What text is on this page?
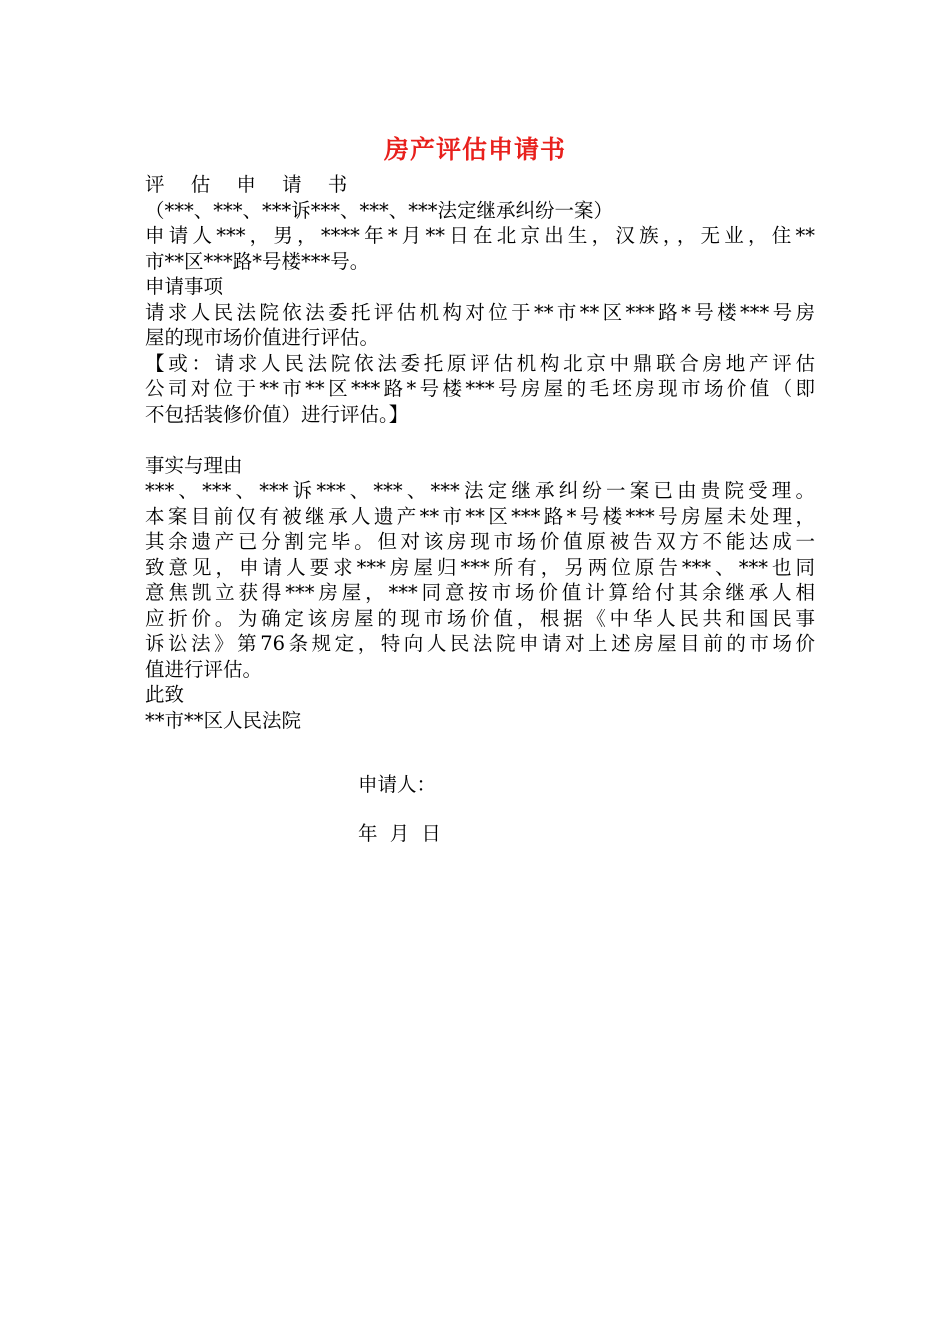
房产评估申请书
评 估 申 请 书
（***、***、***诉***、***、***法定继承纠纷一案）
申请人***，男，****年*月**日在北京出生，汉族，，无业，住**
市**区***路*号楼***号。
申请事项
请求人民法院依法委托评估机构对位于**市**区***路*号楼***号房
屋的现市场价值进行评估。
【或：请求人民法院依法委托原评估机构北京中鼎联合房地产评估
公司对位于**市**区***路*号楼***号房屋的毛坯房现市场价值（即
不包括装修价值）进行评估。】
事实与理由
***、***、***诉***、***、***法定继承纠纷一案已由贵院受理。
本案目前仅有被继承人遗产**市**区***路*号楼***号房屋未处理，
其余遗产已分割完毕。但对该房现市场价值原被告双方不能达成一
致意见，申请人要求***房屋归***所有，另两位原告***、***也同
意焦凯立获得***房屋，***同意按市场价值计算给付其余继承人相
应折价。为确定该房屋的现市场价值，根据《中华人民共和国民事
诉讼法》第76条规定，特向人民法院申请对上述房屋目前的市场价
值进行评估。
此致
**市**区人民法院
申请人：
年 月 日
